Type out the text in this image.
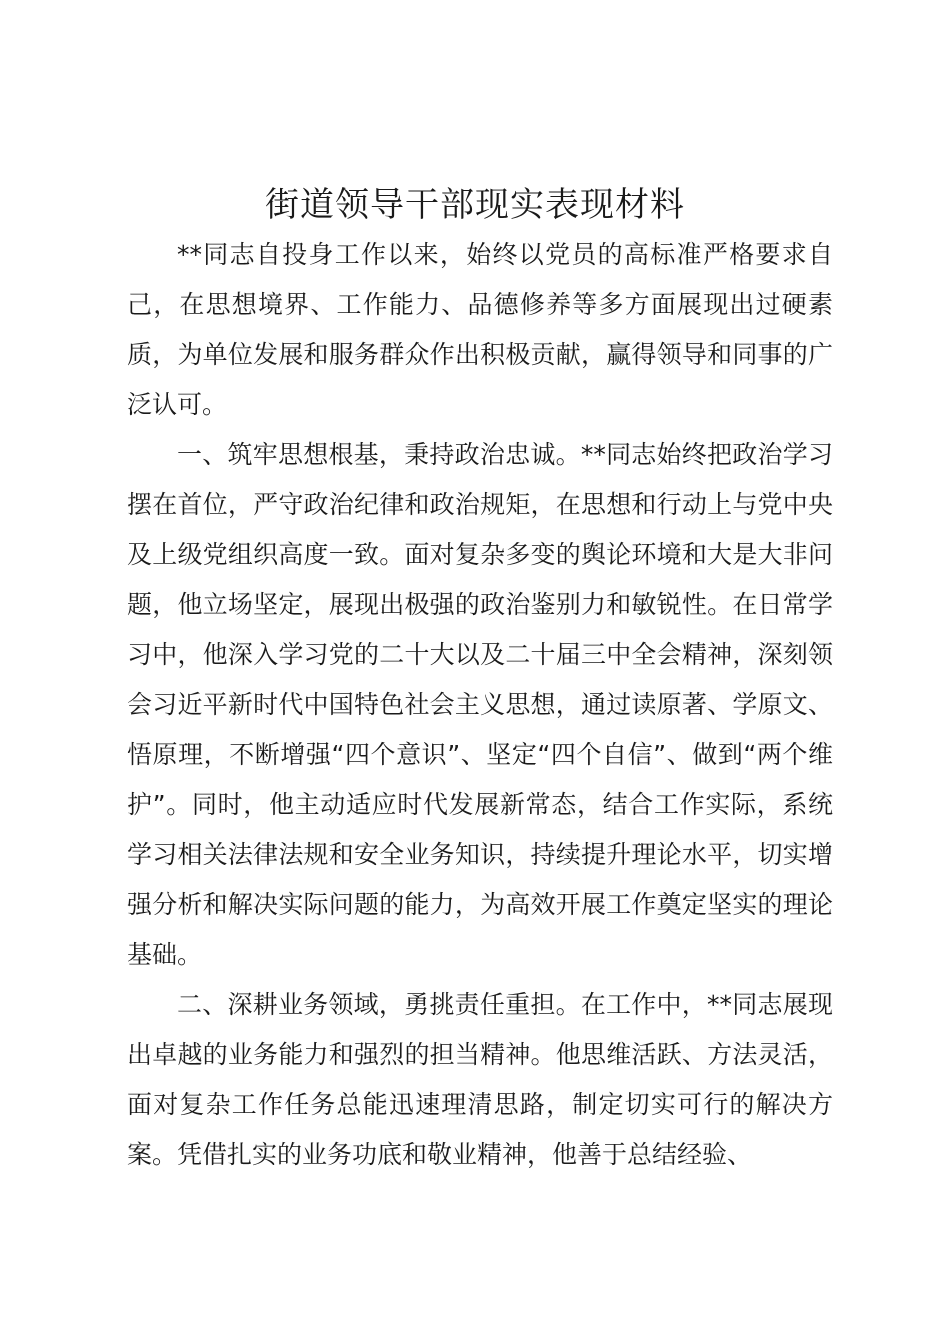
街道领导干部现实表现材料

**同志自投身工作以来，始终以党员的高标准严格要求自己，在思想境界、工作能力、品德修养等多方面展现出过硬素质，为单位发展和服务群众作出积极贡献，赢得领导和同事的广泛认可。

一、筑牢思想根基，秉持政治忠诚。**同志始终把政治学习摆在首位，严守政治纪律和政治规矩，在思想和行动上与党中央及上级党组织高度一致。面对复杂多变的舆论环境和大是大非问题，他立场坚定，展现出极强的政治鉴别力和敏锐性。在日常学习中，他深入学习党的二十大以及二十届三中全会精神，深刻领会习近平新时代中国特色社会主义思想，通过读原著、学原文、悟原理，不断增强“四个意识”、坚定“四个自信”、做到“两个维护”。同时，他主动适应时代发展新常态，结合工作实际，系统学习相关法律法规和安全业务知识，持续提升理论水平，切实增强分析和解决实际问题的能力，为高效开展工作奠定坚实的理论基础。

二、深耕业务领域，勇挑责任重担。在工作中，**同志展现出卓越的业务能力和强烈的担当精神。他思维活跃、方法灵活，面对复杂工作任务总能迅速理清思路，制定切实可行的解决方案。凭借扎实的业务功底和敬业精神，他善于总结经验、
